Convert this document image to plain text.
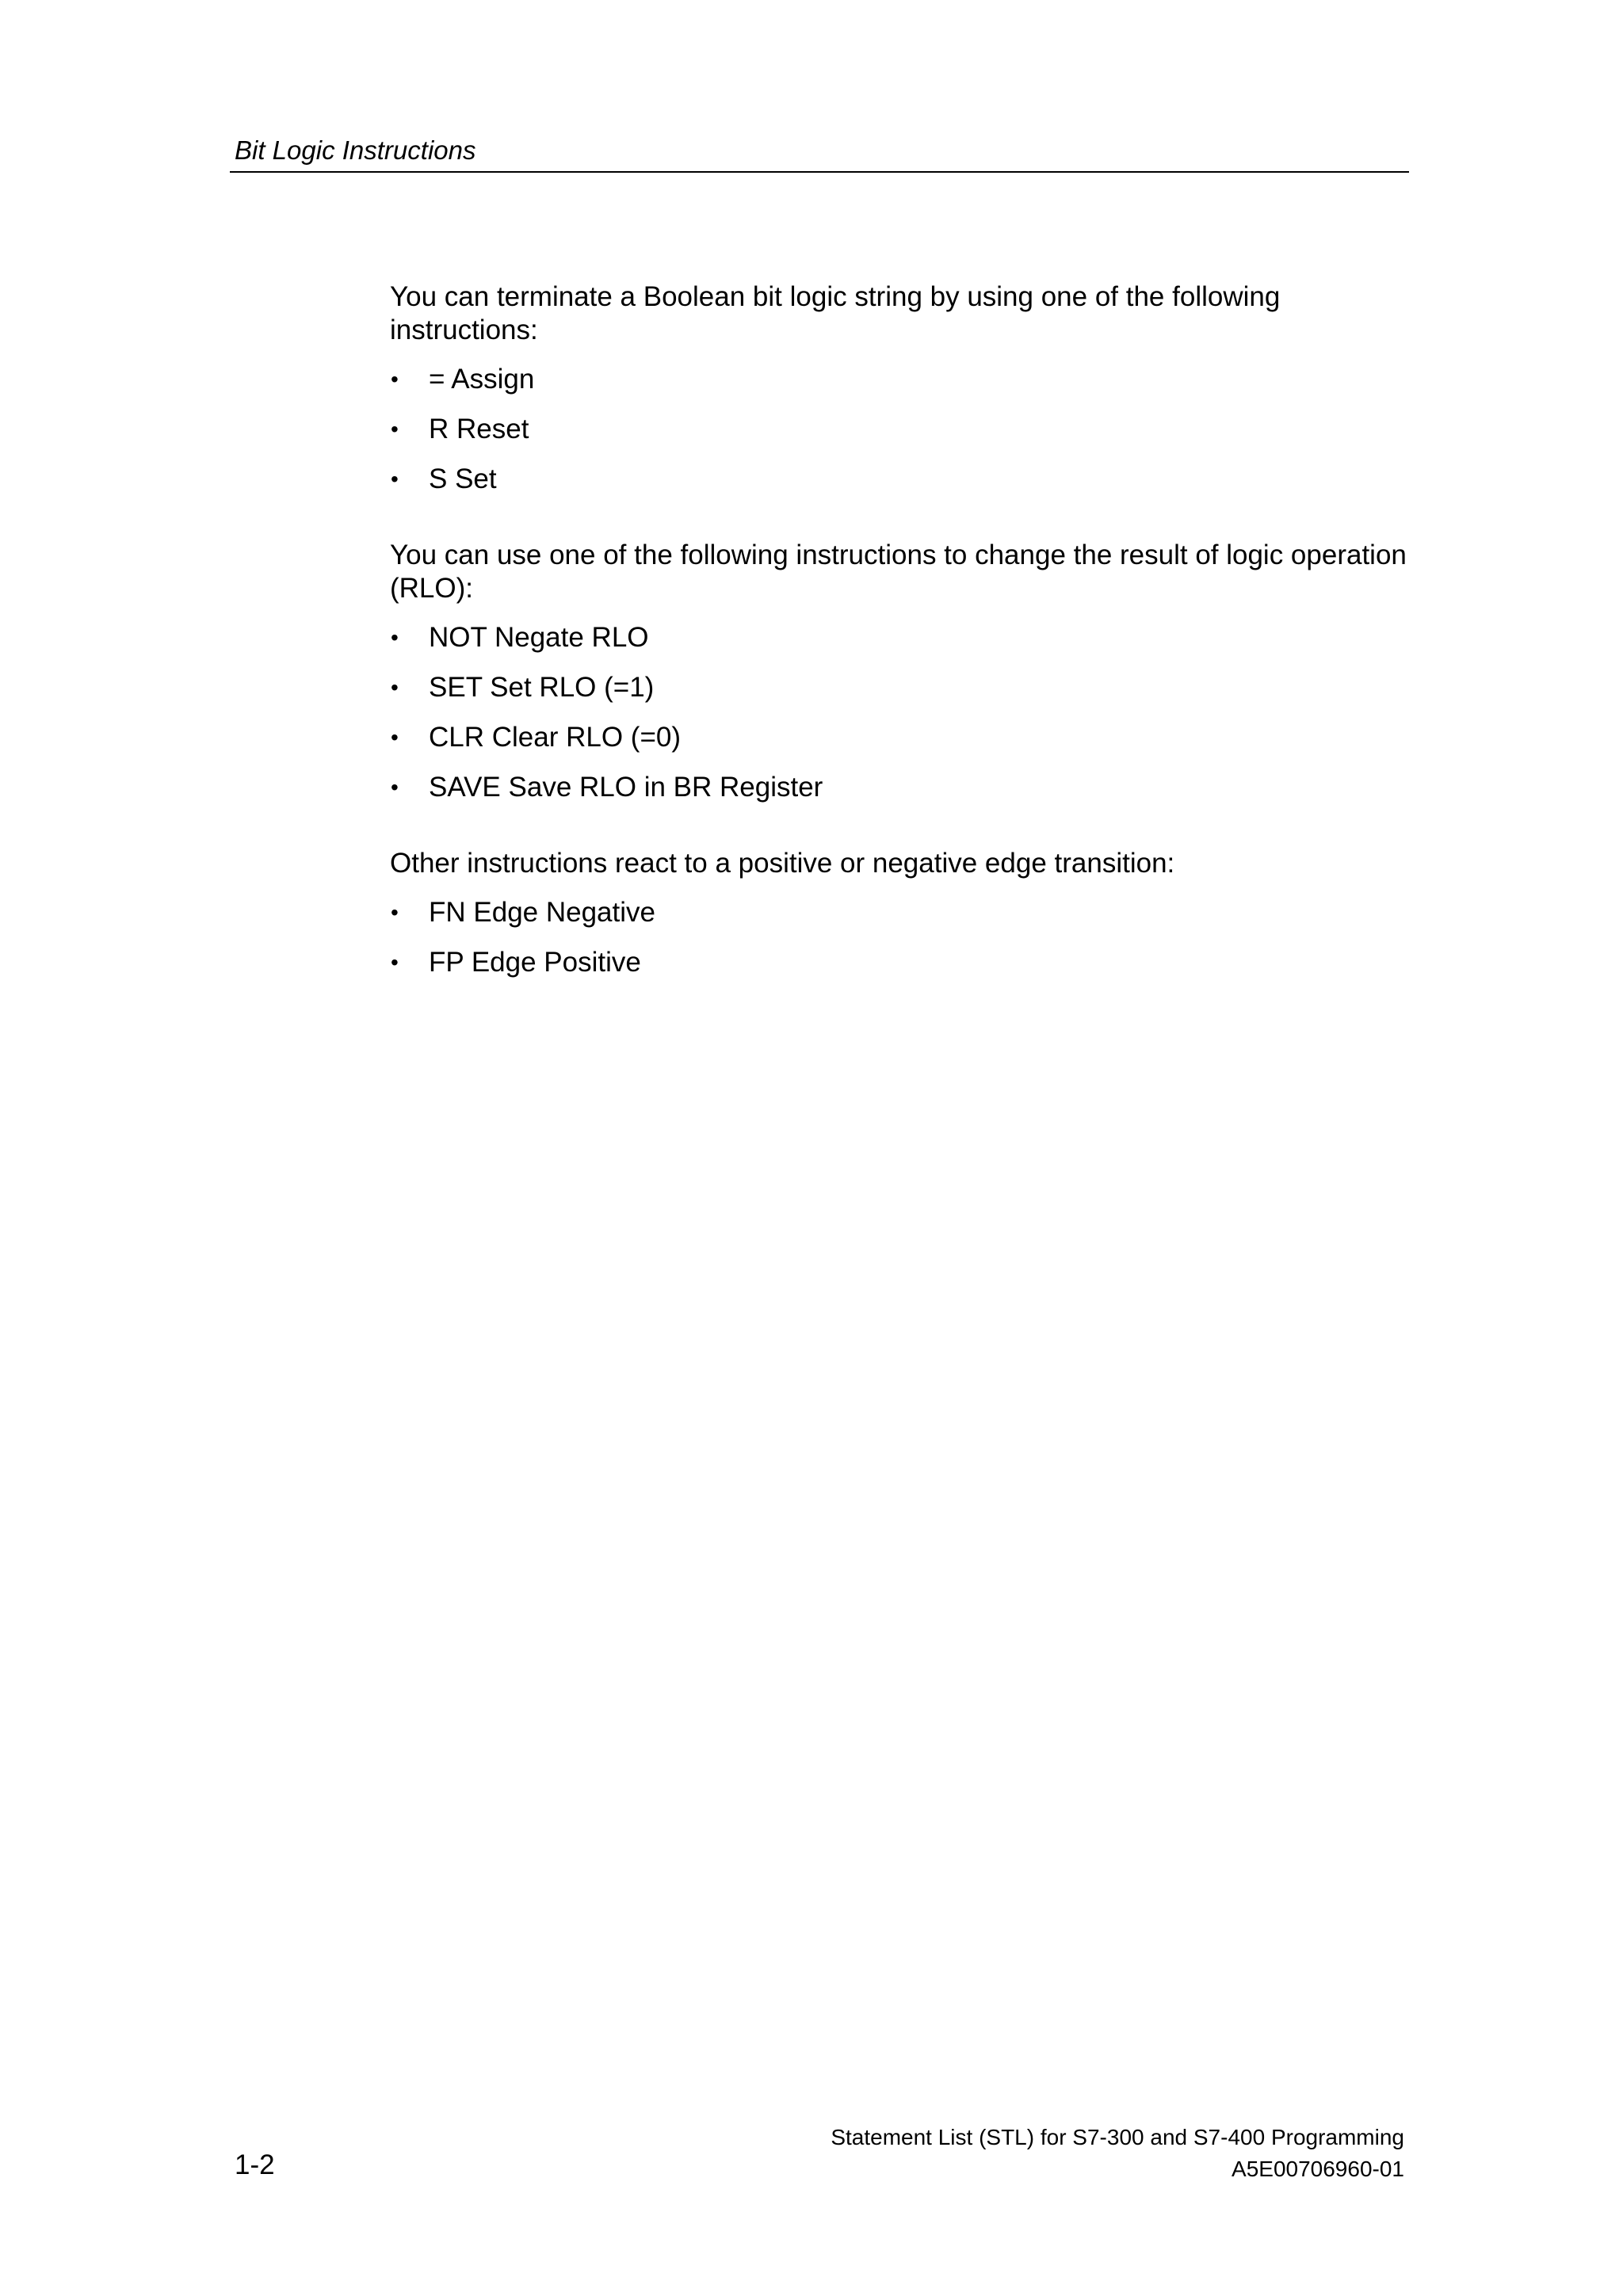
Bit Logic Instructions

You can terminate a Boolean bit logic string by using one of the following instructions:

• = Assign
• R Reset
• S Set

You can use one of the following instructions to change the result of logic operation (RLO):

• NOT Negate RLO
• SET Set RLO (=1)
• CLR Clear RLO (=0)
• SAVE Save RLO in BR Register

Other instructions react to a positive or negative edge transition:

• FN Edge Negative
• FP Edge Positive
1-2
Statement List (STL) for S7-300 and S7-400 Programming
A5E00706960-01
